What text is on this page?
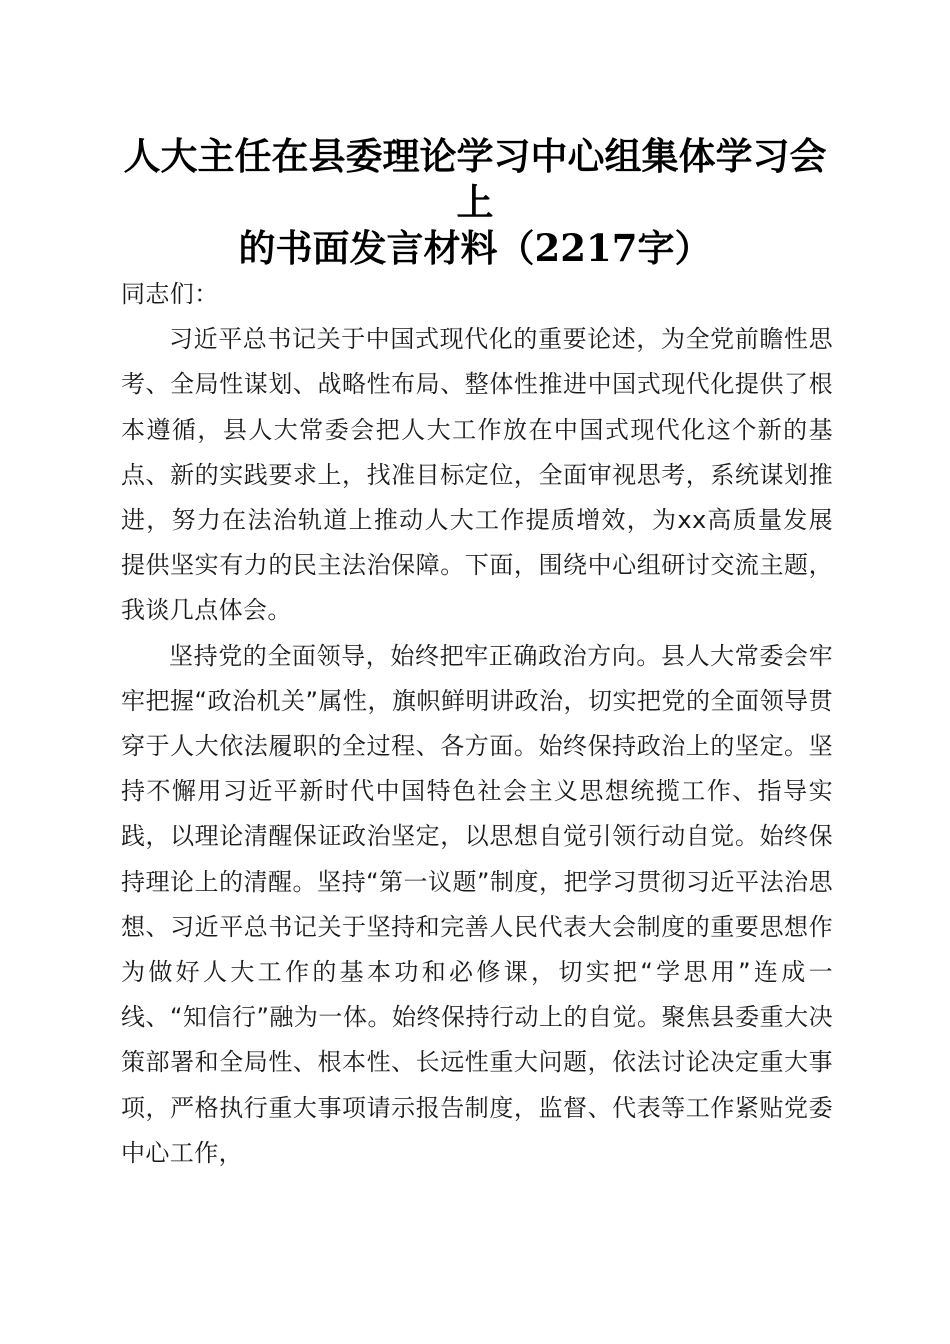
人大主任在县委理论学习中心组集体学习会上
的书面发言材料（2217字）

同志们：

习近平总书记关于中国式现代化的重要论述，为全党前瞻性思考、全局性谋划、战略性布局、整体性推进中国式现代化提供了根本遵循，县人大常委会把人大工作放在中国式现代化这个新的基点、新的实践要求上，找准目标定位，全面审视思考，系统谋划推进，努力在法治轨道上推动人大工作提质增效，为xx高质量发展提供坚实有力的民主法治保障。下面，围绕中心组研讨交流主题，我谈几点体会。

坚持党的全面领导，始终把牢正确政治方向。县人大常委会牢牢把握“政治机关”属性，旗帜鲜明讲政治，切实把党的全面领导贯穿于人大依法履职的全过程、各方面。始终保持政治上的坚定。坚持不懈用习近平新时代中国特色社会主义思想统揽工作、指导实践，以理论清醒保证政治坚定，以思想自觉引领行动自觉。始终保持理论上的清醒。坚持“第一议题”制度，把学习贯彻习近平法治思想、习近平总书记关于坚持和完善人民代表大会制度的重要思想作为做好人大工作的基本功和必修课，切实把“学思用”连成一线、“知信行”融为一体。始终保持行动上的自觉。聚焦县委重大决策部署和全局性、根本性、长远性重大问题，依法讨论决定重大事项，严格执行重大事项请示报告制度，监督、代表等工作紧贴党委中心工作，
